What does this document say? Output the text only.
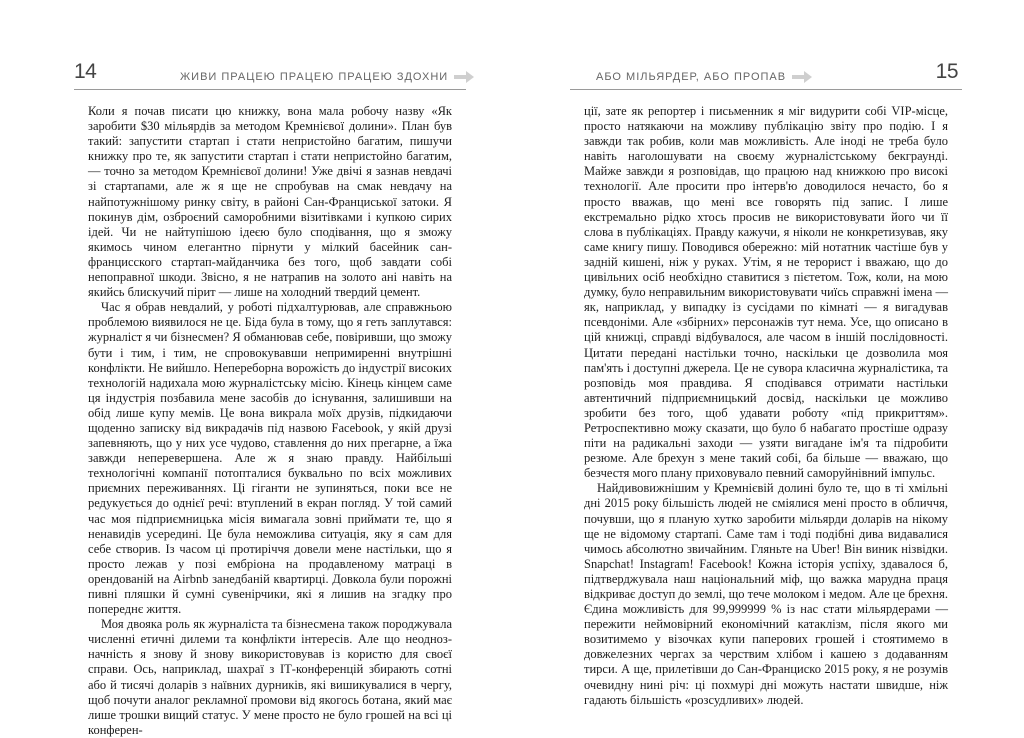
14	ЖИВИ ПРАЦЕЮ ПРАЦЕЮ ПРАЦЕЮ ЗДОХНИ

Коли я почав писати цю книжку, вона мала робочу назву «Як заробити $30 мільярдів за методом Кремнієвої долини». План був такий: запустити стартап і стати непристойно багатим, пишучи книжку про те, як запустити стартап і стати непристойно багатим,— точно за методом Кремнієвої долини! Уже двічі я зазнав невдачі зі стартапами, але ж я ще не спробував на смак невдачу на найпотужнішому ринку світу, в районі Сан-Франциської затоки. Я покинув дім, озброєний саморобними візитівками і купкою сирих ідей. Чи не найтупішою ідеєю було сподівання, що я зможу якимось чином елегантно пірнути у мілкий басейник сан-францисского стартап-майданчика без того, щоб завдати собі непоправної шкоди. Звісно, я не натрапив на золото ані навіть на якийсь блискучий пірит — лише на холодний твердий цемент.

Час я обрав невдалий, у роботі підхалтурював, але справжньою проблемою виявилося не це. Біда була в тому, що я геть заплутався: журналіст я чи бізнесмен? Я обманював себе, повіривши, що зможу бути і тим, і тим, не спровокувавши непримиренні внутрішні конфлікти. Не вийшло. Непереборна ворожість до індустрії високих технологій надихала мою журналістську місію. Кінець кінцем саме ця індустрія позбавила мене засобів до існування, залишивши на обід лише купу мемів. Це вона викрала моїх друзів, підкидаючи щоденно записку від викрадачів під назвою Facebook, у якій друзі запевняють, що у них усе чудово, ставлення до них прегарне, а їжа завжди неперевершена. Але ж я знаю правду. Найбільші технологічні компанії потопталися буквально по всіх можливих приємних переживаннях. Ці гіганти не зупиняться, поки все не редукується до однієї речі: втуплений в екран погляд. У той самий час моя підприємницька місія вимагала зовні приймати те, що я ненавидів усередині. Це була неможлива ситуація, яку я сам для себе створив. Із часом ці протиріччя довели мене настільки, що я просто лежав у позі ембріона на продавленому матраці в орендованій на Airbnb занедбаній квартирці. Довкола були порожні пивні пляшки й сумні сувенірчики, які я лишив на згадку про попереднє життя.

Моя двояка роль як журналіста та бізнесмена також породжувала численні етичні дилеми та конфлікти інтересів. Але що неоднозначність я знову й знову використовував із користю для своєї справи. Ось, наприклад, шахраї з ІТ-конференцій збирають сотні або й тисячі доларів з наївних дурників, які вишикувалися в чергу, щоб почути аналог рекламної промови від якогось ботана, який має лише трошки вищий статус. У мене просто не було грошей на всі ці конферен-

АБО МІЛЬЯРДЕР, АБО ПРОПАВ	15

ції, зате як репортер і письменник я міг видурити собі VIP-місце, просто натякаючи на можливу публікацію звіту про подію. І я завжди так робив, коли мав можливість. Але іноді не треба було навіть наголошувати на своєму журналістському бекграунді. Майже завжди я розповідав, що працюю над книжкою про високі технології. Але просити про інтерв'ю доводилося нечасто, бо я просто вважав, що мені все говорять під запис. І лише екстремально рідко хтось просив не використовувати його чи її слова в публікаціях. Правду кажучи, я ніколи не конкретизував, яку саме книгу пишу. Поводився обережно: мій нотатник частіше був у задній кишені, ніж у руках. Утім, я не терорист і вважаю, що до цивільних осіб необхідно ставитися з пієтетом. Тож, коли, на мою думку, було неправильним використовувати чиїсь справжні імена — як, наприклад, у випадку із сусідами по кімнаті — я вигадував псевдоніми. Але «збірних» персонажів тут нема. Усе, що описано в цій книжці, справді відбувалося, але часом в іншій послідовності. Цитати передані настільки точно, наскільки це дозволила моя пам'ять і доступні джерела. Це не сувора класична журналістика, та розповідь моя правдива. Я сподівався отримати настільки автентичний підприємницький досвід, наскільки це можливо зробити без того, щоб удавати роботу «під прикриттям». Ретроспективно можу сказати, що було б набагато простіше одразу піти на радикальні заходи — узяти вигадане ім'я та підробити резюме. Але брехун з мене такий собі, ба більше — вважаю, що безчестя мого плану приховувало певний саморуйнівний імпульс.

Найдивовижнішим у Кремнієвій долині було те, що в ті хмільні дні 2015 року більшість людей не сміялися мені просто в обличчя, почувши, що я планую хутко заробити мільярди доларів на нікому ще не відомому стартапі. Саме там і тоді подібні дива видавалися чимось абсолютно звичайним. Гляньте на Uber! Він виник нізвідки. Snapchat! Instagram! Facebook! Кожна історія успіху, здавалося б, підтверджувала наш національний міф, що важка марудна праця відкриває доступ до землі, що тече молоком і медом. Але це брехня. Єдина можливість для 99,999999 % із нас стати мільярдерами — пережити неймовірний економічний катаклізм, після якого ми возитимемо у візочках купи паперових грошей і стоятимемо в довжелезних чергах за черствим хлібом і кашею з додаванням тирси. А ще, прилетівши до Сан-Франциско 2015 року, я не розумів очевидну нині річ: ці похмурі дні можуть настати швидше, ніж гадають більшість «розсудливих» людей.
